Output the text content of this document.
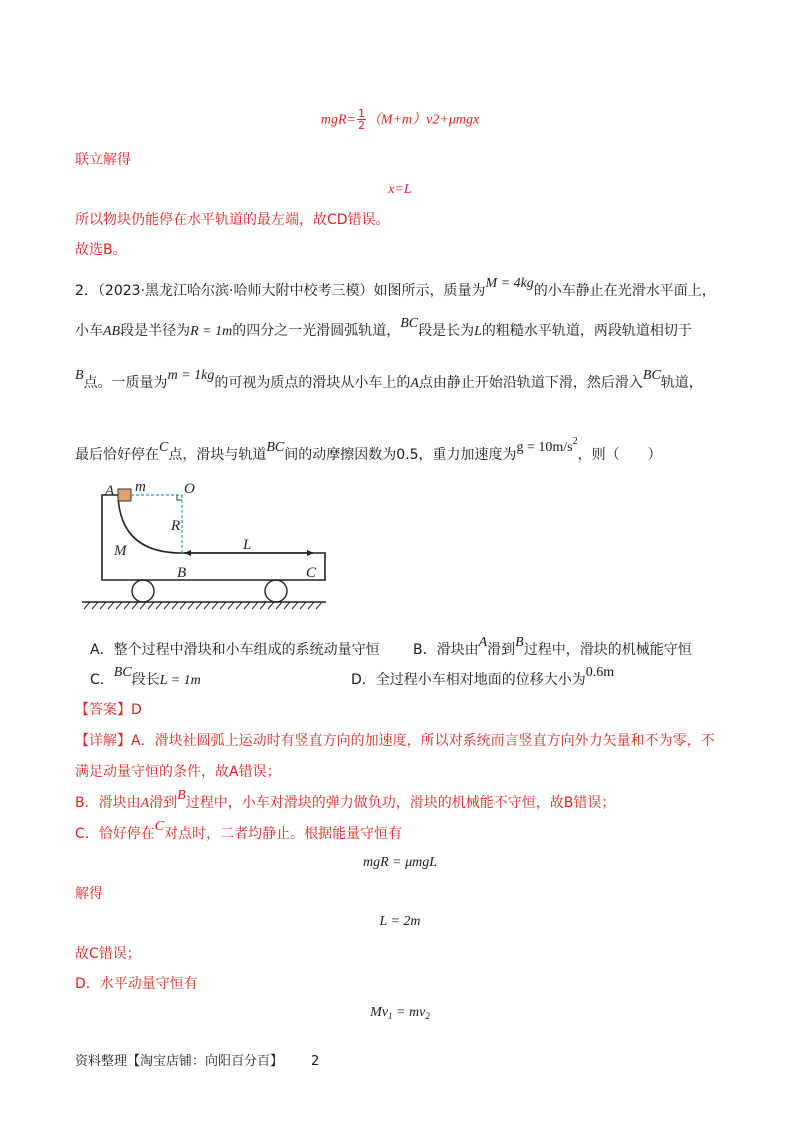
$mgR= \frac{1}{2} (M+m)v2+\mu mgx$
联立解得
x=L
所以物块仍能停在水平轨道的最左端，故CD错误。
故选B。
2．（2023·黑龙江哈尔滨·哈师大附中校考三模）如图所示，质量为M = 4kg的小车静止在光滑水平面上，
小车AB段是半径为R = 1m的四分之一光滑圆弧轨道，BC段是长为L的粗糙水平轨道，两段轨道相切于
B点。一质量为m = 1kg的可视为质点的滑块从小车上的A点由静止开始沿轨道下滑，然后滑入BC轨道，
最后恰好停在C点，滑块与轨道BC间的动摩擦因数为0.5，重力加速度为$g = 10m/s^2$，则（　　）
A m	O
R
M	L
B	C
A．整个过程中滑块和小车组成的系统动量守恒 B．滑块由A滑到B过程中，滑块的机械能守恒
C．BC段长L = 1m	D．全过程小车相对地面的位移大小为0.6m
【答案】D
【详解】A．滑块社圆弧上运动时有竖直方向的加速度，所以对系统而言竖直方向外力矢量和不为零，不
满足动量守恒的条件，故A错误；
B．滑块由A滑到B过程中，小车对滑块的弹力做负功，滑块的机械能不守恒，故B错误；
C．恰好停在C对点时，二者均静止。根据能量守恒有
mgR = μmgL
解得
L = 2m
故C错误；
D．水平动量守恒有
$Mv_1 = mv_2$
资料整理【淘宝店铺：向阳百分百】 2
